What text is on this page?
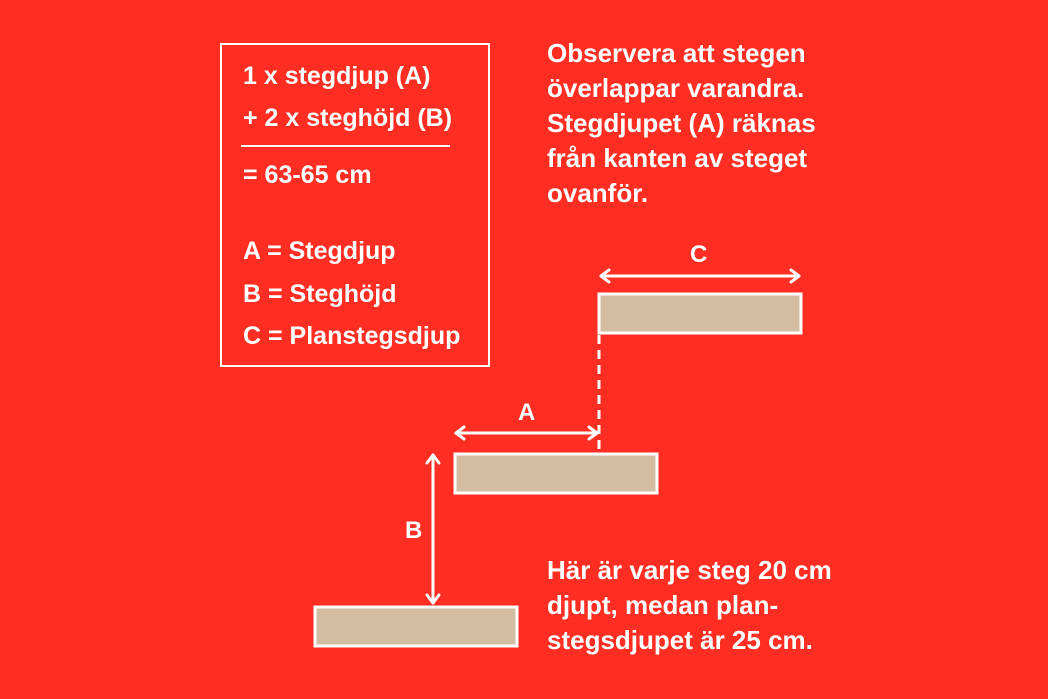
1 x stegdjup (A)
+ 2 x steghöjd (B)
= 63-65 cm
A = Stegdjup
B = Steghöjd
C = Planstegsdjup
Observera att stegen
överlappar varandra.
Stegdjupet (A) räknas
från kanten av steget
ovanför.
Här är varje steg 20 cm
djupt, medan plan-
stegsdjupet är 25 cm.
C
A
B
